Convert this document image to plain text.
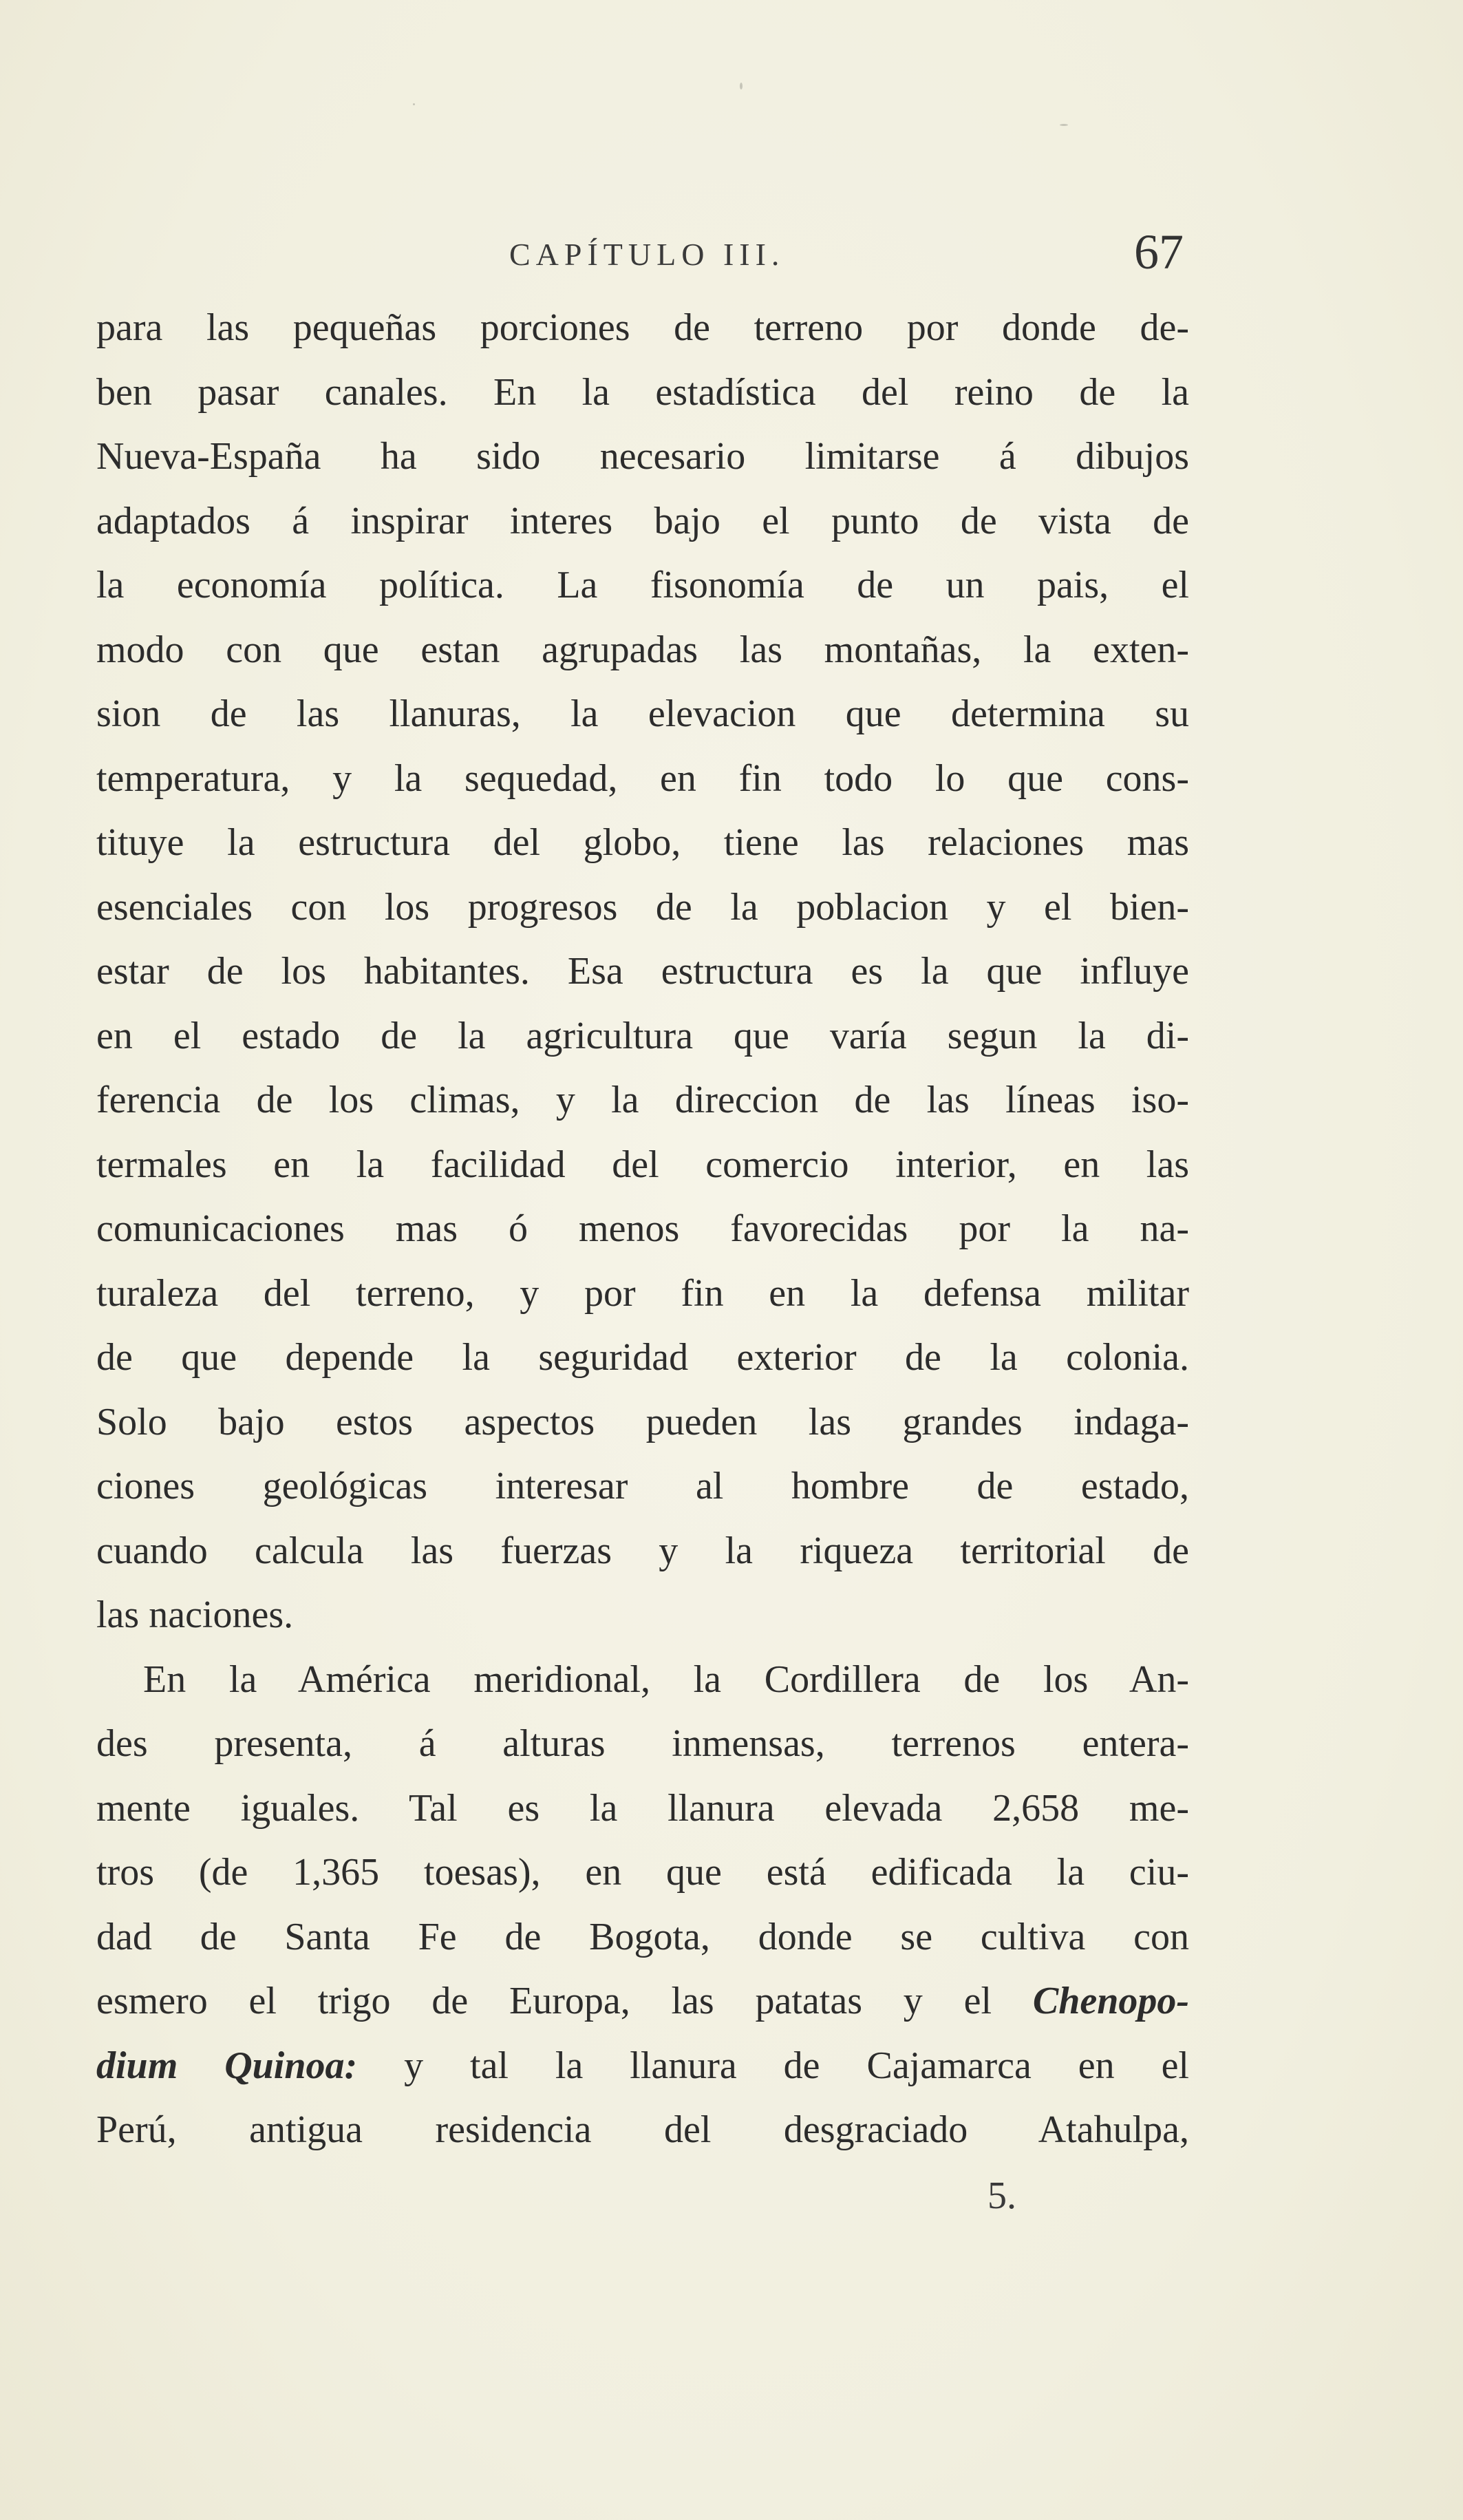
CAPÍTULO III.	67
para las pequeñas porciones de terreno por donde de-
ben pasar canales. En la estadística del reino de la
Nueva-España ha sido necesario limitarse á dibujos
adaptados á inspirar interes bajo el punto de vista de
la economía política. La fisonomía de un pais, el
modo con que estan agrupadas las montañas, la exten-
sion de las llanuras, la elevacion que determina su
temperatura, y la sequedad, en fin todo lo que cons-
tituye la estructura del globo, tiene las relaciones mas
esenciales con los progresos de la poblacion y el bien-
estar de los habitantes. Esa estructura es la que influye
en el estado de la agricultura que varía segun la di-
ferencia de los climas, y la direccion de las líneas iso-
termales en la facilidad del comercio interior, en las
comunicaciones mas ó menos favorecidas por la na-
turaleza del terreno, y por fin en la defensa militar
de que depende la seguridad exterior de la colonia.
Solo bajo estos aspectos pueden las grandes indaga-
ciones geológicas interesar al hombre de estado,
cuando calcula las fuerzas y la riqueza territorial de
las naciones.
En la América meridional, la Cordillera de los An-
des presenta, á alturas inmensas, terrenos entera-
mente iguales. Tal es la llanura elevada 2,658 me-
tros (de 1,365 toesas), en que está edificada la ciu-
dad de Santa Fe de Bogota, donde se cultiva con
esmero el trigo de Europa, las patatas y el Chenopo-
dium Quinoa: y tal la llanura de Cajamarca en el
Perú, antigua residencia del desgraciado Atahulpa,
5.
